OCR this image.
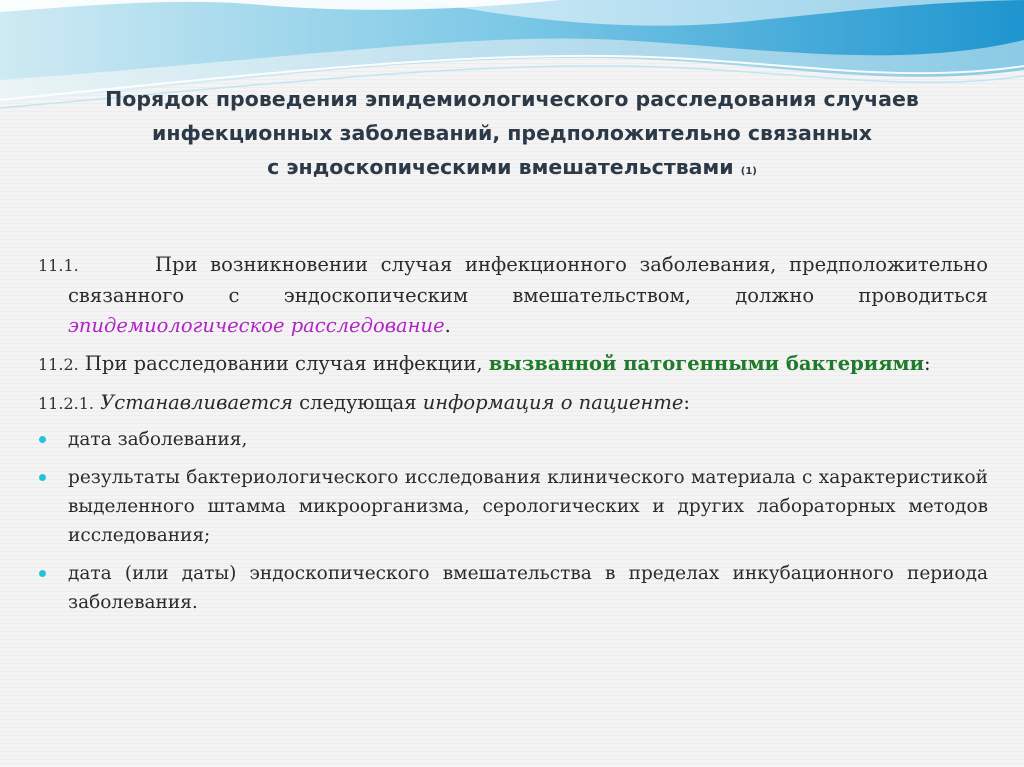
Порядок проведения эпидемиологического расследования случаев
инфекционных заболеваний, предположительно связанных
с эндоскопическими вмешательствами (1)
11.1.	При возникновении случая инфекционного заболевания, предположительно связанного с эндоскопическим вмешательством, должно проводиться эпидемиологическое расследование.
11.2. При расследовании случая инфекции, вызванной патогенными бактериями:
11.2.1. Устанавливается следующая информация о пациенте:
дата заболевания,
результаты бактериологического исследования клинического материала с характеристикой выделенного штамма микроорганизма, серологических и других лабораторных методов исследования;
дата (или даты) эндоскопического вмешательства в пределах инкубационного периода заболевания.
